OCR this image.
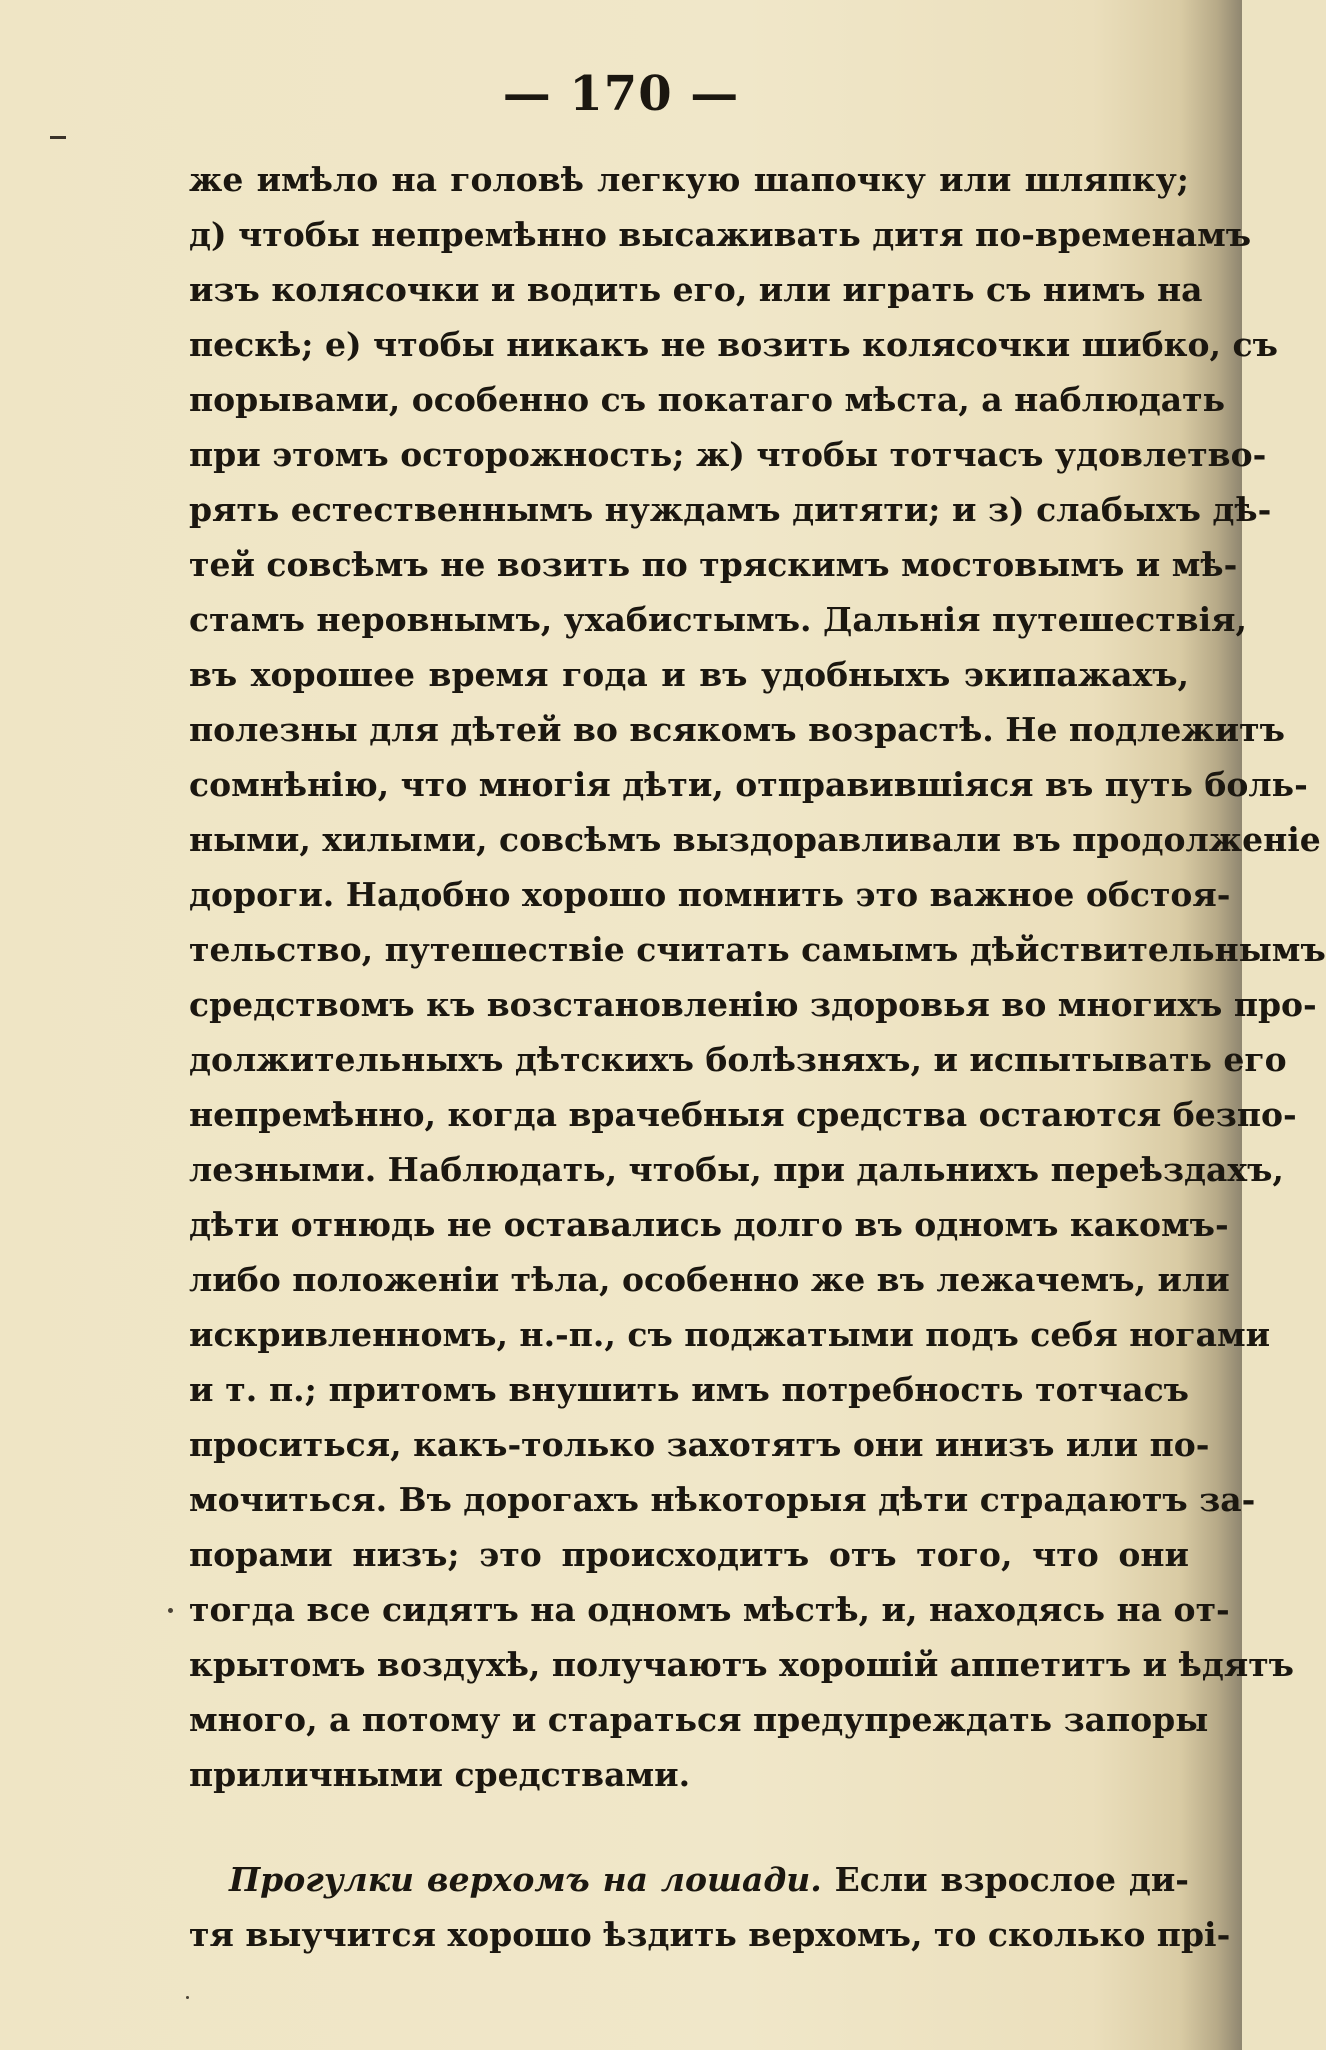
— 170 —
же имѣло на головѣ легкую шапочку или шляпку;
д) чтобы непремѣнно высаживать дитя по-временамъ
изъ колясочки и водить его, или играть съ нимъ на
пескѣ; е) чтобы никакъ не возить колясочки шибко, съ
порывами, особенно съ покатаго мѣста, а наблюдать
при этомъ осторожность; ж) чтобы тотчасъ удовлетво-
рять естественнымъ нуждамъ дитяти; и з) слабыхъ дѣ-
тей совсѣмъ не возить по тряскимъ мостовымъ и мѣ-
стамъ неровнымъ, ухабистымъ. Дальнія путешествія,
въ хорошее время года и въ удобныхъ экипажахъ,
полезны для дѣтей во всякомъ возрастѣ. Не подлежитъ
сомнѣнію, что многія дѣти, отправившіяся въ путь боль-
ными, хилыми, совсѣмъ выздоравливали въ продолженіе
дороги. Надобно хорошо помнить это важное обстоя-
тельство, путешествіе считать самымъ дѣйствительнымъ
средствомъ къ возстановленію здоровья во многихъ про-
должительныхъ дѣтскихъ болѣзняхъ, и испытывать его
непремѣнно, когда врачебныя средства остаются безпо-
лезными. Наблюдать, чтобы, при дальнихъ переѣздахъ,
дѣти отнюдь не оставались долго въ одномъ какомъ-
либо положеніи тѣла, особенно же въ лежачемъ, или
искривленномъ, н.-п., съ поджатыми подъ себя ногами
и т. п.; притомъ внушить имъ потребность тотчасъ
проситься, какъ-только захотятъ они инизъ или по-
мочиться. Въ дорогахъ нѣкоторыя дѣти страдаютъ за-
порами низъ; это происходитъ отъ того, что они
тогда все сидятъ на одномъ мѣстѣ, и, находясь на от-
крытомъ воздухѣ, получаютъ хорошій аппетитъ и ѣдятъ
много, а потому и стараться предупреждать запоры
приличными средствами.
Прогулки верхомъ на лошади. Если взрослое ди-
тя выучится хорошо ѣздить верхомъ, то сколько прі-
